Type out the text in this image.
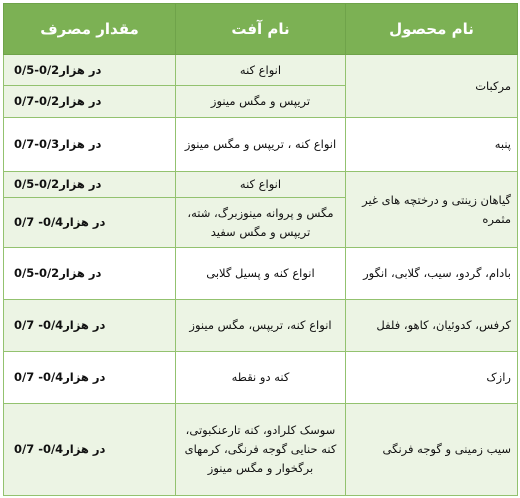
نام محصول	نام آفت	مقدار مصرف
مرکبات	انواع کنه	0/5-0/2در هزار
	تریپس و مگس مینوز	0/7-0/2در هزار
پنبه	انواع کنه ، تریپس و مگس مینوز	0/7-0/3در هزار
گیاهان زینتی و درختچه های غیر مثمره	انواع کنه	0/5-0/2در هزار
	مگس و پروانه مینوزبرگ، شته، تریپس و مگس سفید	0/7 -0/4در هزار
بادام، گردو، سیب، گلابی، انگور	انواع کنه و پسیل گلابی	0/5-0/2در هزار
کرفس، کدوئیان، کاهو، فلفل	انواع کنه، تریپس، مگس مینوز	0/7 -0/4در هزار
رازک	کنه دو نقطه	0/7 -0/4در هزار
سیب زمینی و گوجه فرنگی	سوسک کلرادو، کنه تارعنکبوتی، کنه حنایی گوجه فرنگی، کرمهای برگخوار و مگس مینوز	0/7 -0/4در هزار
